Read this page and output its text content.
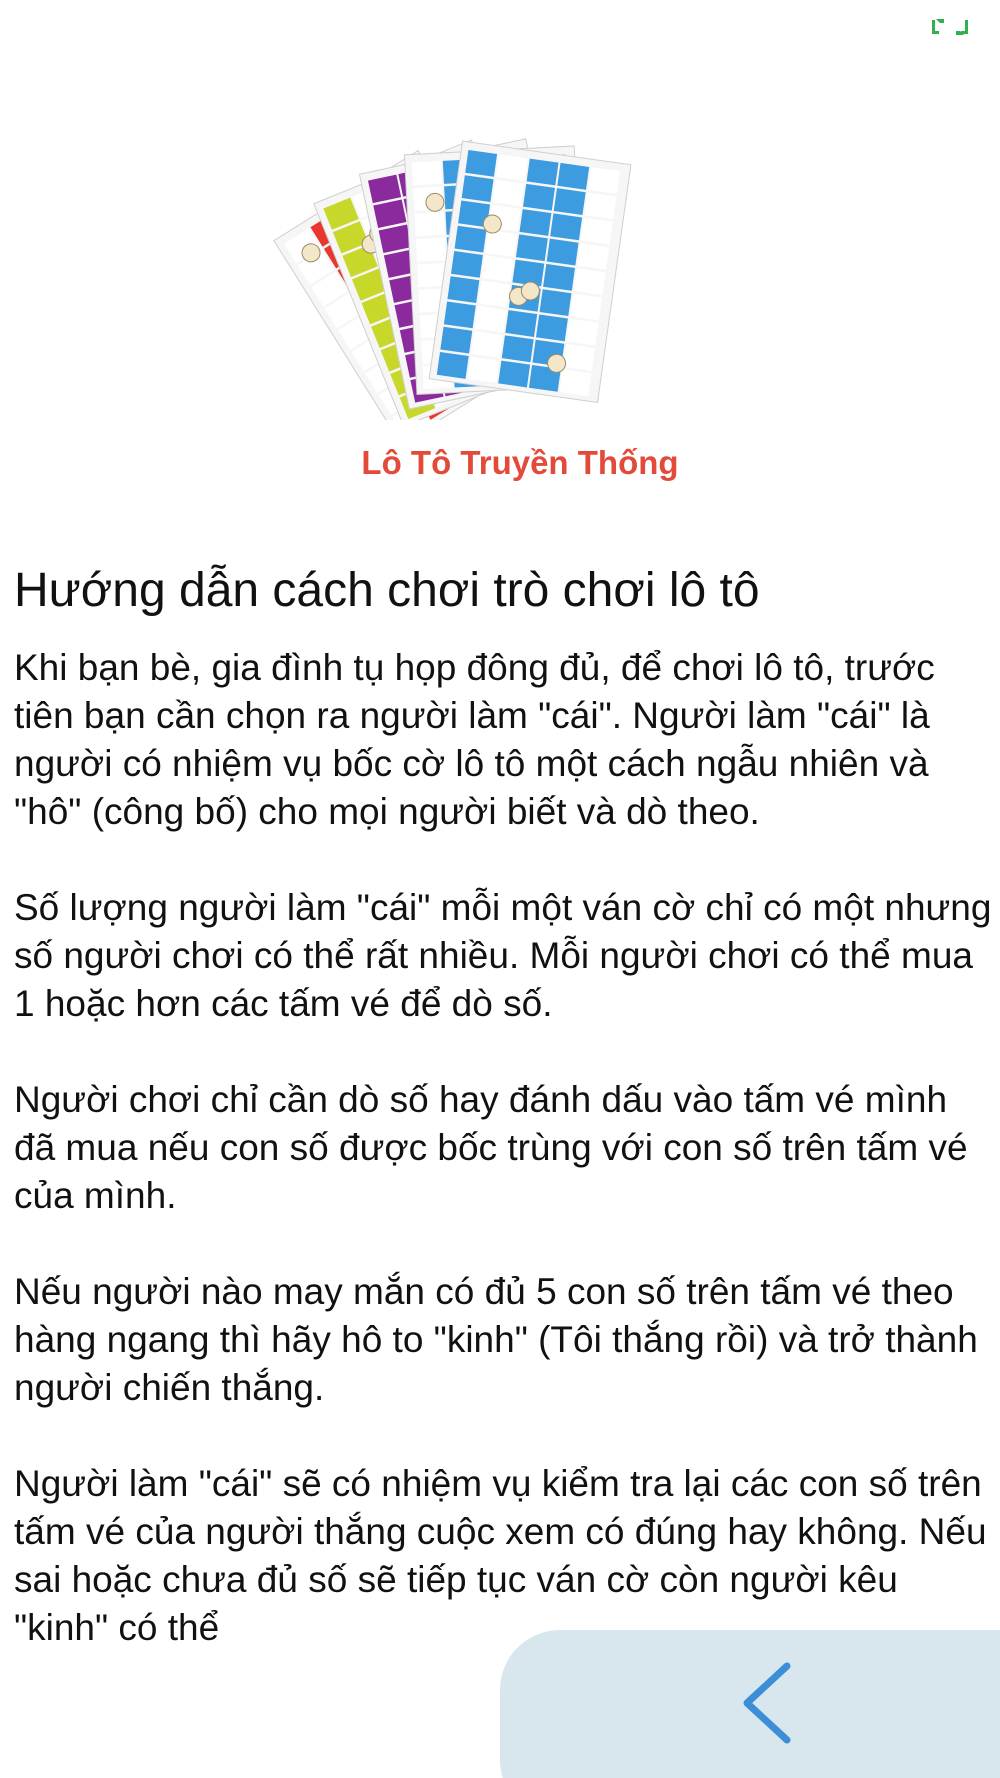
Lô Tô Truyền Thống
Hướng dẫn cách chơi trò chơi lô tô

Khi bạn bè, gia đình tụ họp đông đủ, để chơi lô tô, trước tiên bạn cần chọn ra người làm "cái". Người làm "cái" là người có nhiệm vụ bốc cờ lô tô một cách ngẫu nhiên và "hô" (công bố) cho mọi người biết và dò theo.

Số lượng người làm "cái" mỗi một ván cờ chỉ có một nhưng số người chơi có thể rất nhiều. Mỗi người chơi có thể mua 1 hoặc hơn các tấm vé để dò số.

Người chơi chỉ cần dò số hay đánh dấu vào tấm vé mình đã mua nếu con số được bốc trùng với con số trên tấm vé của mình.

Nếu người nào may mắn có đủ 5 con số trên tấm vé theo hàng ngang thì hãy hô to "kinh" (Tôi thắng rồi) và trở thành người chiến thắng.

Người làm "cái" sẽ có nhiệm vụ kiểm tra lại các con số trên tấm vé của người thắng cuộc xem có đúng hay không. Nếu sai hoặc chưa đủ số sẽ tiếp tục ván cờ còn người kêu "kinh" có thể
